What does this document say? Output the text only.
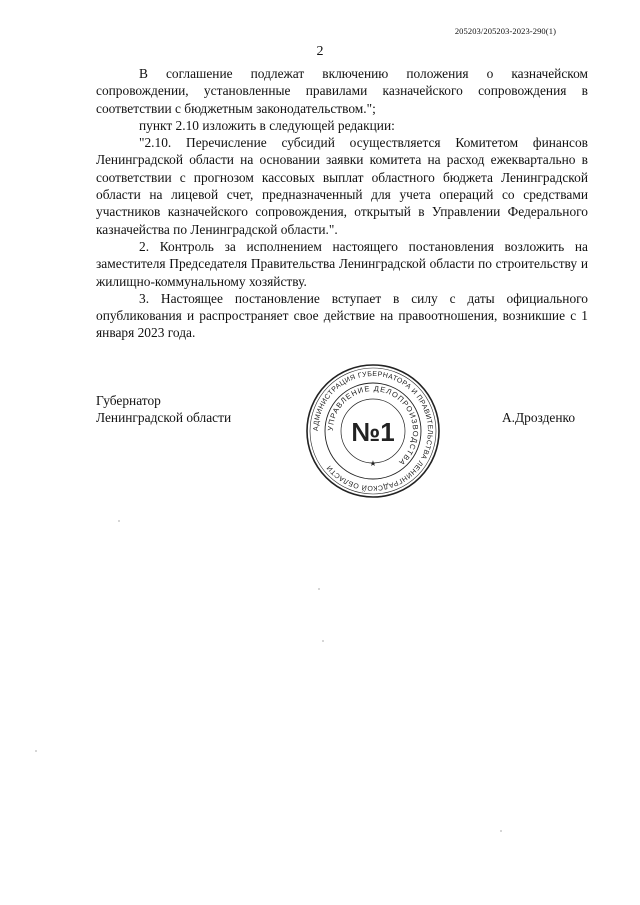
205203/205203-2023-290(1)
2

В соглашение подлежат включению положения о казначейском сопровождении, установленные правилами казначейского сопровождения в соответствии с бюджетным законодательством.";

пункт 2.10 изложить в следующей редакции:

"2.10. Перечисление субсидий осуществляется Комитетом финансов Ленинградской области на основании заявки комитета на расход ежеквартально в соответствии с прогнозом кассовых выплат областного бюджета Ленинградской области на лицевой счет, предназначенный для учета операций со средствами участников казначейского сопровождения, открытый в Управлении Федерального казначейства по Ленинградской области.".

2. Контроль за исполнением настоящего постановления возложить на заместителя Председателя Правительства Ленинградской области по строительству и жилищно-коммунальному хозяйству.

3. Настоящее постановление вступает в силу с даты официального опубликования и распространяет свое действие на правоотношения, возникшие с 1 января 2023 года.

Губернатор
Ленинградской области
АДМИНИСТРАЦИЯ ГУБЕРНАТОРА И ПРАВИТЕЛЬСТВА ЛЕНИНГРАДСКОЙ ОБЛАСТИ
УПРАВЛЕНИЕ ДЕЛОПРОИЗВОДСТВА
№1
★
А.Дрозденко
